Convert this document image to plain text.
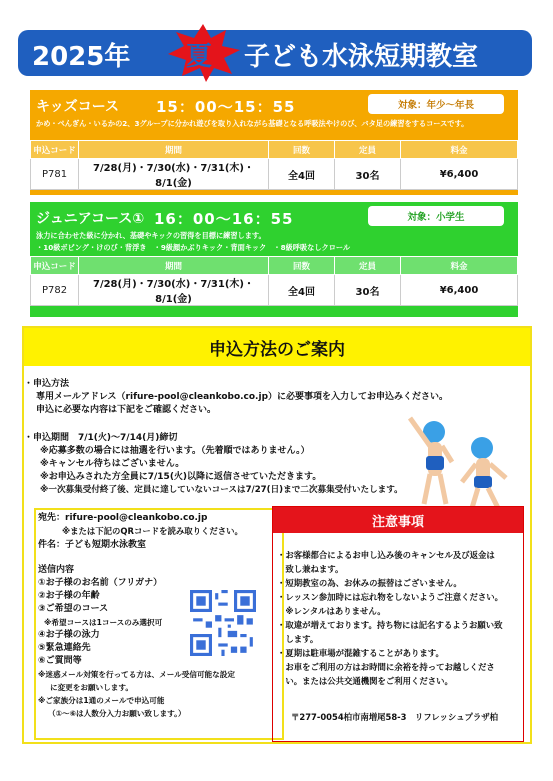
2025年 夏 子ども水泳短期教室
キッズコース 15：00〜15：55	対象：年少〜年長
かめ・ぺんぎん・いるかの2、3グループに分かれ遊びを取り入れながら基礎となる呼吸法やけのび、バタ足の練習をするコースです。
申込コード	期間	回数	定員	料金
P781	7/28(月)・7/30(水)・7/31(木)・8/1(金)	全4回	30名	¥6,400
ジュニアコース① 16：00〜16：55	対象：小学生
泳力に合わせた級に分かれ、基礎やキックの習得を目標に練習します。
・10級ボビング・けのび・背浮き　・9級顔かぶりキック・背面キック　・8級呼吸なしクロール
申込コード	期間	回数	定員	料金
P782	7/28(月)・7/30(水)・7/31(木)・8/1(金)	全4回	30名	¥6,400
申込方法のご案内
・申込方法
専用メールアドレス（rifure-pool@cleankobo.co.jp）に必要事項を入力してお申込みください。
申込に必要な内容は下記をご確認ください。
・申込期間　7/1(火)〜7/14(月)締切
※応募多数の場合には抽選を行います。（先着順ではありません。）
※キャンセル待ちはございません。
※お申込みされた方全員に7/15(火)以降に返信させていただきます。
※一次募集受付終了後、定員に達していないコースは7/27(日)まで二次募集受付いたします。
宛先：rifure-pool@cleankobo.co.jp
※または下記のQRコードを読み取りください。
件名：子ども短期水泳教室
送信内容
①お子様のお名前（フリガナ）
②お子様の年齢
③ご希望のコース
※希望コースは1コースのみ選択可
④お子様の泳力
⑤緊急連絡先
⑥ご質問等
※迷惑メール対策を行ってる方は、メール受信可能な設定
に変更をお願いします。
※ご家族分は1通のメールで申込可能
（①〜⑥は人数分入力お願い致します。）
注意事項
・お客様都合によるお申し込み後のキャンセル及び返金は
　致し兼ねます。
・短期教室の為、お休みの振替はございません。
・レッスン参加時には忘れ物をしないようご注意ください。
　※レンタルはありません。
・取違が増えております。持ち物には記名するようお願い致
　します。
・夏期は駐車場が混雑することがあります。
　お車をご利用の方はお時間に余裕を持ってお越しくださ
　い。または公共交通機関をご利用ください。
〒277-0054柏市南増尾58-3　リフレッシュプラザ柏
